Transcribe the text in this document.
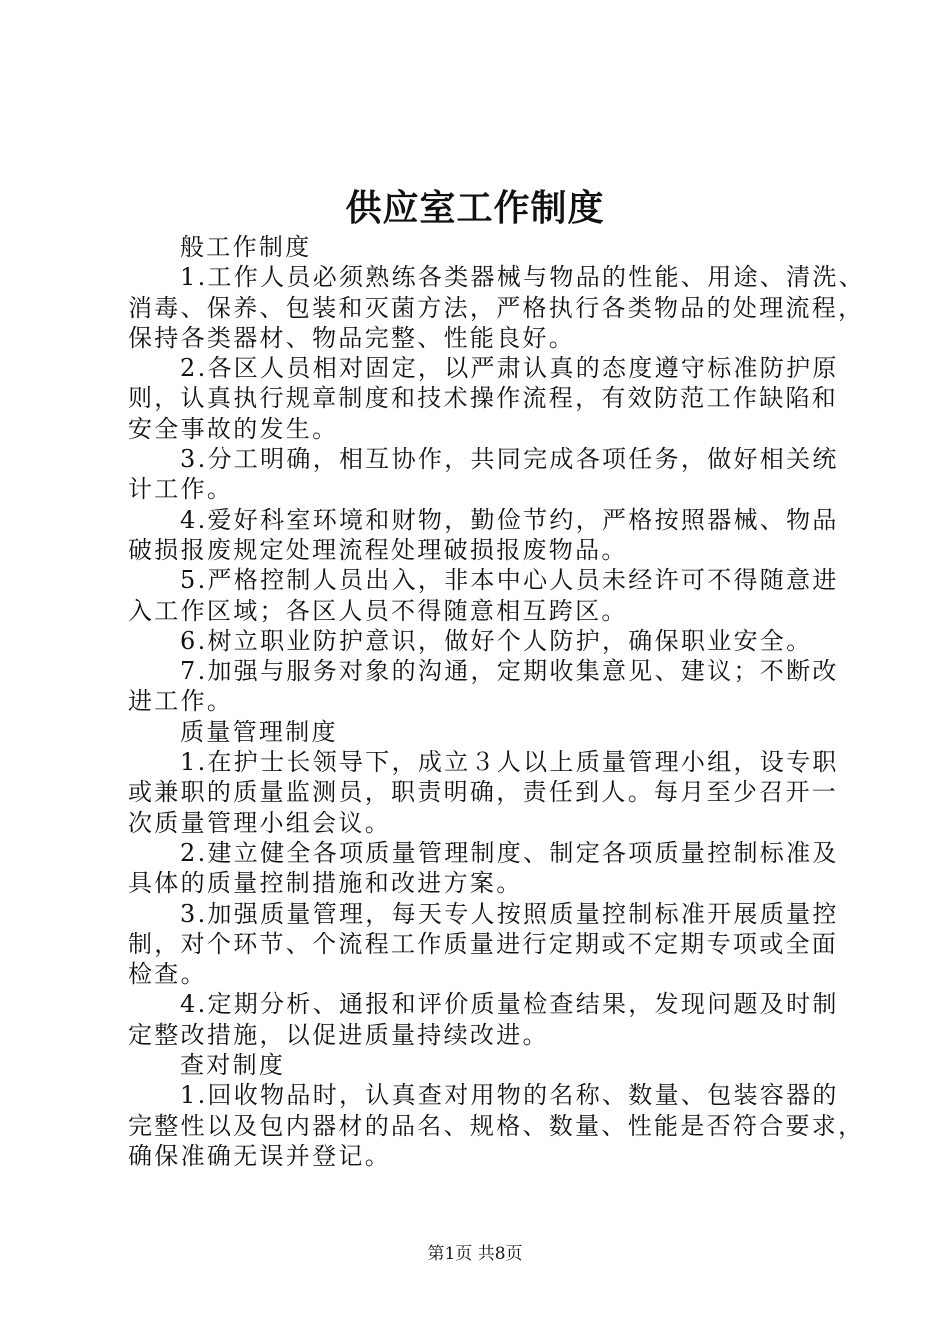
供应室工作制度
般工作制度
1.工作人员必须熟练各类器械与物品的性能、用途、清洗、
消毒、保养、包装和灭菌方法，严格执行各类物品的处理流程，
保持各类器材、物品完整、性能良好。
2.各区人员相对固定，以严肃认真的态度遵守标准防护原
则，认真执行规章制度和技术操作流程，有效防范工作缺陷和
安全事故的发生。
3.分工明确，相互协作，共同完成各项任务，做好相关统
计工作。
4.爱好科室环境和财物，勤俭节约，严格按照器械、物品
破损报废规定处理流程处理破损报废物品。
5.严格控制人员出入，非本中心人员未经许可不得随意进
入工作区域；各区人员不得随意相互跨区。
6.树立职业防护意识，做好个人防护，确保职业安全。
7.加强与服务对象的沟通，定期收集意见、建议；不断改
进工作。
质量管理制度
1.在护士长领导下，成立３人以上质量管理小组，设专职
或兼职的质量监测员，职责明确，责任到人。每月至少召开一
次质量管理小组会议。
2.建立健全各项质量管理制度、制定各项质量控制标准及
具体的质量控制措施和改进方案。
3.加强质量管理，每天专人按照质量控制标准开展质量控
制，对个环节、个流程工作质量进行定期或不定期专项或全面
检查。
4.定期分析、通报和评价质量检查结果，发现问题及时制
定整改措施，以促进质量持续改进。
查对制度
1.回收物品时，认真查对用物的名称、数量、包装容器的
完整性以及包内器材的品名、规格、数量、性能是否符合要求，
确保准确无误并登记。
第1页 共8页
